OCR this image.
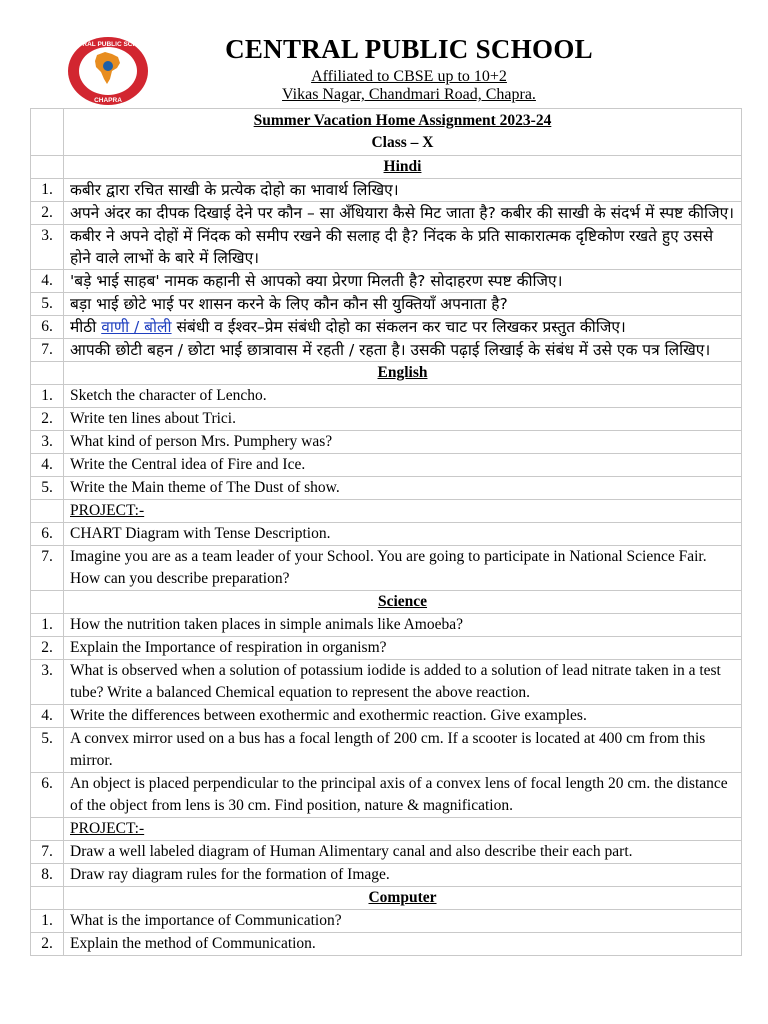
CENTRAL PUBLIC SCHOOL
CHAPRA
CENTRAL PUBLIC SCHOOL
Affiliated to CBSE up to 10+2
Vikas Nagar, Chandmari Road, Chapra.

	Summer Vacation Home Assignment 2023-24
Class – X

	Hindi
1.	कबीर द्वारा रचित साखी के प्रत्येक दोहो का भावार्थ लिखिए।
2.	अपने अंदर का दीपक दिखाई देने पर कौन – सा अँधियारा कैसे मिट जाता है? कबीर की साखी के संदर्भ में स्पष्ट कीजिए।
3.	कबीर ने अपने दोहों में निंदक को समीप रखने की सलाह दी है? निंदक के प्रति साकारात्मक दृष्टिकोण रखते हुए उससे होने वाले लाभों के बारे में लिखिए।
4.	'बड़े भाई साहब' नामक कहानी से आपको क्या प्रेरणा मिलती है? सोदाहरण स्पष्ट कीजिए।
5.	बड़ा भाई छोटे भाई पर शासन करने के लिए कौन कौन सी युक्तियाँ अपनाता है?
6.	मीठी वाणी / बोली संबंधी व ईश्वर–प्रेम संबंधी दोहो का संकलन कर चाट पर लिखकर प्रस्तुत कीजिए।
7.	आपकी छोटी बहन / छोटा भाई छात्रावास में रहती / रहता है। उसकी पढ़ाई लिखाई के संबंध में उसे एक पत्र लिखिए।
	English
1.	Sketch the character of Lencho.
2.	Write ten lines about Trici.
3.	What kind of person Mrs. Pumphery was?
4.	Write the Central idea of Fire and Ice.
5.	Write the Main theme of The Dust of show.
	PROJECT:-
6.	CHART Diagram with Tense Description.
7.	Imagine you are as a team leader of your School. You are going to participate in National Science Fair. How can you describe preparation?
	Science
1.	How the nutrition taken places in simple animals like Amoeba?
2.	Explain the Importance of respiration in organism?
3.	What is observed when a solution of potassium iodide is added to a solution of lead nitrate taken in a test tube? Write a balanced Chemical equation to represent the above reaction.
4.	Write the differences between exothermic and exothermic reaction. Give examples.
5.	A convex mirror used on a bus has a focal length of 200 cm. If a scooter is located at 400 cm from this mirror.
6.	An object is placed perpendicular to the principal axis of a convex lens of focal length 20 cm. the distance of the object from lens is 30 cm. Find position, nature & magnification.
	PROJECT:-
7.	Draw a well labeled diagram of Human Alimentary canal and also describe their each part.
8.	Draw ray diagram rules for the formation of Image.
	Computer
1.	What is the importance of Communication?
2.	Explain the method of Communication.
